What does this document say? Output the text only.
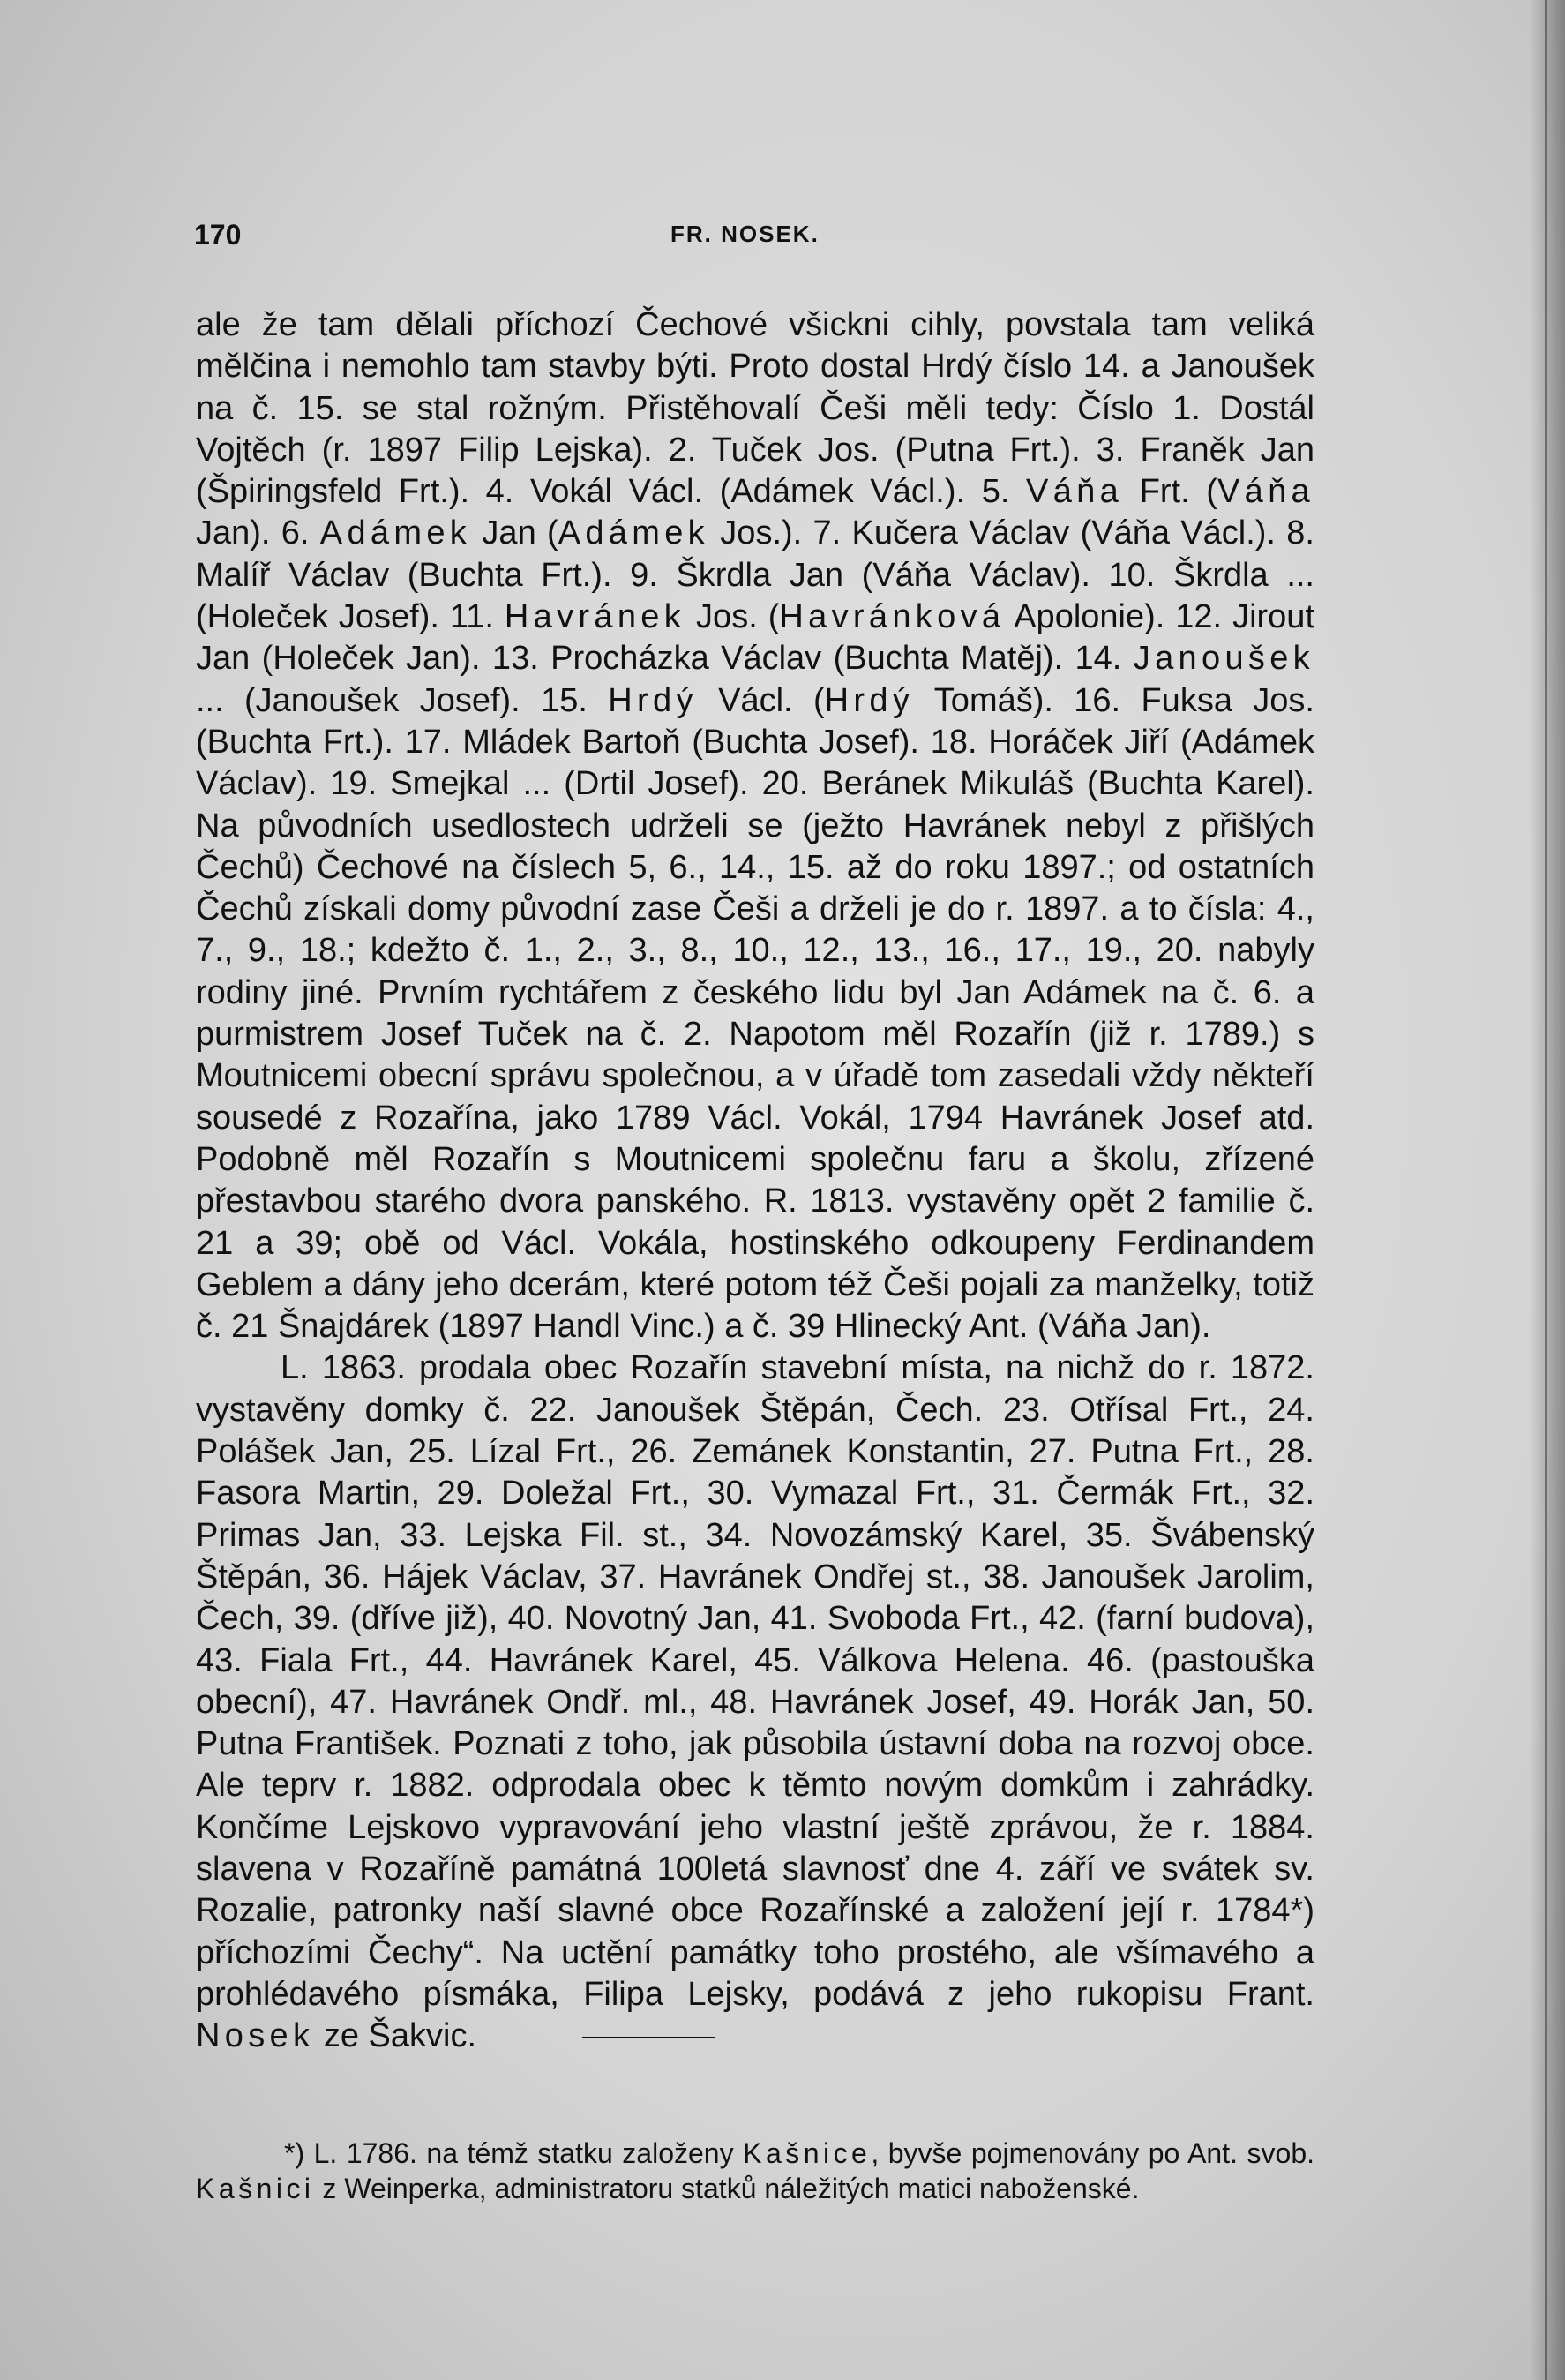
170	FR. NOSEK.

ale že tam dělali příchozí Čechové všickni cihly, povstala tam veliká mělčina i nemohlo tam stavby býti. Proto dostal Hrdý číslo 14. a Janoušek na č. 15. se stal rožným. Přistěhovalí Češi měli tedy: Číslo 1. Dostál Vojtěch (r. 1897 Filip Lejska). 2. Tuček Jos. (Putna Frt.). 3. Franěk Jan (Špiringsfeld Frt.). 4. Vokál Václ. (Adámek Václ.). 5. Váňa Frt. (Váňa Jan). 6. Adámek Jan (Adámek Jos.). 7. Kučera Václav (Váňa Václ.). 8. Malíř Václav (Buchta Frt.). 9. Škrdla Jan (Váňa Václav). 10. Škrdla ... (Holeček Josef). 11. Havránek Jos. (Havránková Apolonie). 12. Jirout Jan (Holeček Jan). 13. Procházka Václav (Buchta Matěj). 14. Janoušek ... (Janoušek Josef). 15. Hrdý Václ. (Hrdý Tomáš). 16. Fuksa Jos. (Buchta Frt.). 17. Mládek Bartoň (Buchta Josef). 18. Horáček Jiří (Adámek Václav). 19. Smejkal ... (Drtil Josef). 20. Beránek Mikuláš (Buchta Karel). Na původních usedlostech udrželi se (ježto Havránek nebyl z přišlých Čechů) Čechové na číslech 5, 6., 14., 15. až do roku 1897.; od ostatních Čechů získali domy původní zase Češi a drželi je do r. 1897. a to čísla: 4., 7., 9., 18.; kdežto č. 1., 2., 3., 8., 10., 12., 13., 16., 17., 19., 20. nabyly rodiny jiné. Prvním rychtářem z českého lidu byl Jan Adámek na č. 6. a purmistrem Josef Tuček na č. 2. Napotom měl Rozařín (již r. 1789.) s Moutnicemi obecní správu společnou, a v úřadě tom zasedali vždy někteří sousedé z Rozařína, jako 1789 Václ. Vokál, 1794 Havránek Josef atd. Podobně měl Rozařín s Moutnicemi společnu faru a školu, zřízené přestavbou starého dvora panského. R. 1813. vystavěny opět 2 familie č. 21 a 39; obě od Václ. Vokála, hostinského odkoupeny Ferdinandem Geblem a dány jeho dcerám, které potom též Češi pojali za manželky, totiž č. 21 Šnajdárek (1897 Handl Vinc.) a č. 39 Hlinecký Ant. (Váňa Jan).

L. 1863. prodala obec Rozařín stavební místa, na nichž do r. 1872. vystavěny domky č. 22. Janoušek Štěpán, Čech. 23. Otřísal Frt., 24. Polášek Jan, 25. Lízal Frt., 26. Zemánek Konstantin, 27. Putna Frt., 28. Fasora Martin, 29. Doležal Frt., 30. Vymazal Frt., 31. Čermák Frt., 32. Primas Jan, 33. Lejska Fil. st., 34. Novozámský Karel, 35. Švábenský Štěpán, 36. Hájek Václav, 37. Havránek Ondřej st., 38. Janoušek Jarolim, Čech, 39. (dříve již), 40. Novotný Jan, 41. Svoboda Frt., 42. (farní budova), 43. Fiala Frt., 44. Havránek Karel, 45. Válkova Helena. 46. (pastouška obecní), 47. Havránek Ondř. ml., 48. Havránek Josef, 49. Horák Jan, 50. Putna František. Poznati z toho, jak působila ústavní doba na rozvoj obce. Ale teprv r. 1882. odprodala obec k těmto novým domkům i zahrádky. Končíme Lejskovo vypravování jeho vlastní ještě zprávou, že r. 1884. slavena v Rozaříně památná 100letá slavnosť dne 4. září ve svátek sv. Rozalie, patronky naší slavné obce Rozařínské a založení její r. 1784*) příchozími Čechy“. Na uctění památky toho prostého, ale všímavého a prohlédavého písmáka, Filipa Lejsky, podává z jeho rukopisu Frant. Nosek ze Šakvic.

*) L. 1786. na témž statku založeny Kašnice, byvše pojmenovány po Ant. svob. Kašnici z Weinperka, administratoru statků náležitých matici naboženské.
